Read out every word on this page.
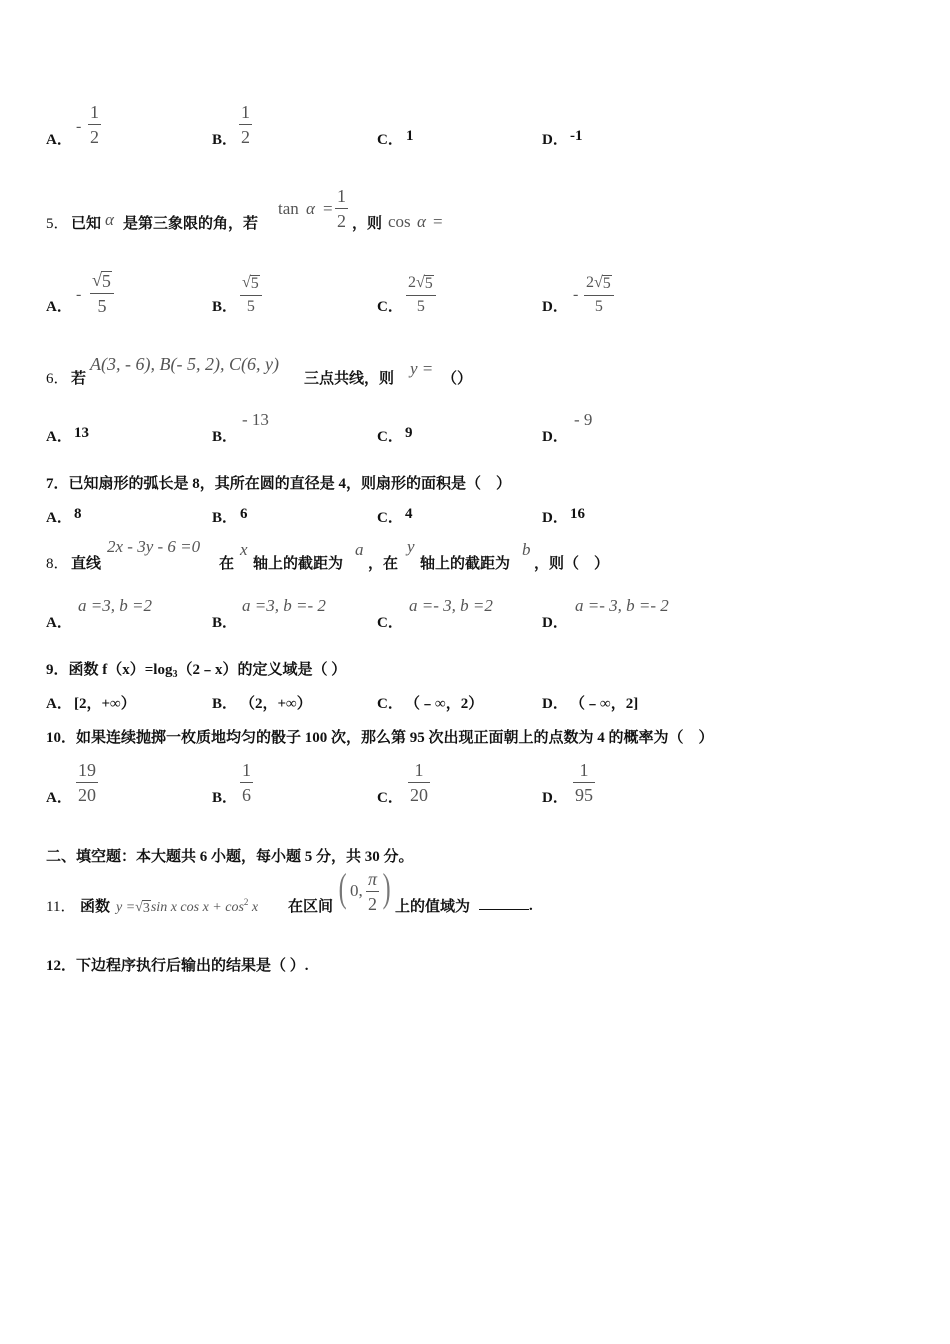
A．
-
1
2	B．
1
2	C． 1	D． -1
5． 已知 α 是第三象限的角，若
tan α =
1
2 ，则 cos α =
A．
-
√ 5
5	B．
√ 5
5	C．
2√ 5
5	D．
-
2√ 5
5
6． 若
A(3, - 6), B(- 5, 2), C(6, y)
三点共线，则
y =
（）
A． 13	B．
- 13
C． 9	D．
- 9
7．已知扇形的弧长是 8，其所在圆的直径是 4，则扇形的面积是（　）
A． 8	B． 6	C． 4	D． 16
8． 直线
2x - 3y - 6 =0
在
x
轴上的截距为
a
，在
y
轴上的截距为
b
，则（　）
A．
a =3, b =2
B．
a =3, b =- 2
C．
a =- 3, b =2
D．
a =- 3, b =- 2
9．函数 $f(x)=\log_3(2﹣x)$的定义域是（ ）
A． [2，+∞）	B． （2，+∞）	C． （﹣∞，2）	D． （﹣∞，2]
10．如果连续抛掷一枚质地均匀的骰子 100 次，那么第 95 次出现正面朝上的点数为 4 的概率为（　）
A．
19
20	B．
1
6	C．
1
20	D．
1
95
二、填空题：本大题共 6 小题，每小题 5 分，共 30 分。
11． 函数 y =√ 3 sin x $\cos x + \cos^2 x$ 在区间 ( 0,
π
2 ) 上的值域为	.
12．下边程序执行后输出的结果是（ ）.
